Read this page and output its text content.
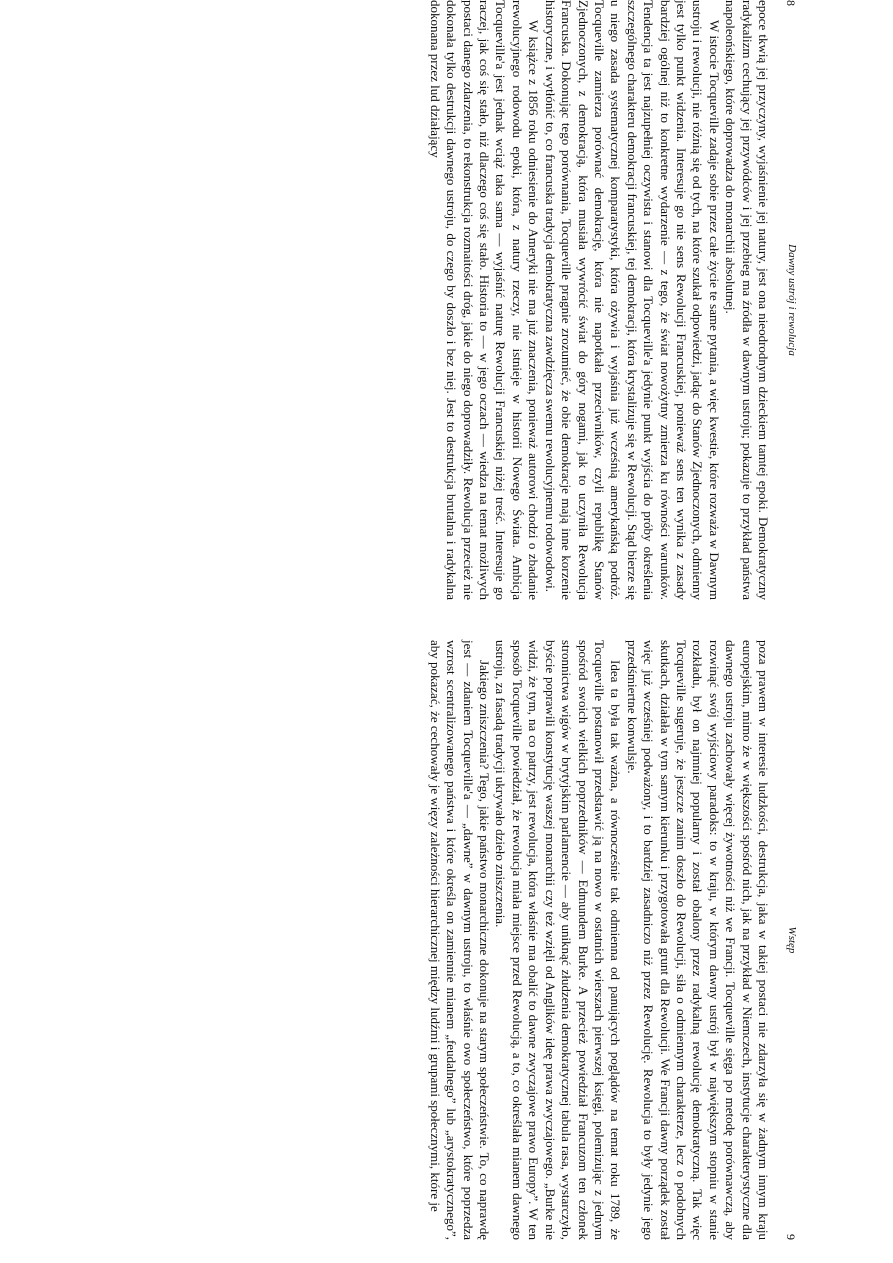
8
Dawny ustrój i rewolucja

epoce tkwią jej przyczyny, wyjaśnienie jej natury, jest ona nieodrodnym dzieckiem tamtej epoki. Demokratyczny radykalizm cechujący jej przywódców i jej przebieg ma źródła w dawnym ustroju; pokazuje to przykład państwa napoleońskiego, które doprowadza do monarchii absolutnej.

W istocie Tocqueville zadaje sobie przez całe życie te same pytania, a więc kwestie, które rozważa w Dawnym ustroju i rewolucji, nie różnią się od tych, na które szukał odpowiedzi, jadąc do Stanów Zjednoczonych, odmienny jest tylko punkt widzenia. Interesuje go nie sens Rewolucji Francuskiej, ponieważ sens ten wynika z zasady bardziej ogólnej niż to konkretne wydarzenie — z tego, że świat nowożytny zmierza ku równości warunków. Tendencja ta jest najzupełniej oczywista i stanowi dla Tocqueville'a jedynie punkt wyjścia do próby określenia szczególnego charakteru demokracji francuskiej, tej demokracji, która krystalizuje się w Rewolucji. Stąd bierze się u niego zasada systematycznej komparatystyki, która ożywia i wyjaśnia już wcześnią amerykańską podróż. Tocqueville zamierza porównać demokrację, która nie napotkała przeciwników, czyli republikę Stanów Zjednoczonych, z demokracją, która musiała wywrócić świat do góry nogami, jak to uczyniła Rewolucja Francuska. Dokonując tego porównania, Tocqueville pragnie zrozumieć, że obie demokracje mają inne korzenie historyczne, i wytłónić to, co francuska tradycja demokratyczna zawdzięcza swemu rewolucyjnemu rodowodowi.

W książce z 1856 roku odniesienie do Ameryki nie ma już znaczenia, ponieważ autorowi chodzi o zbadanie rewolucyjnego rodowodu epoki, która, z natury rzeczy, nie istnieje w historii Nowego Świata. Ambicja Tocqueville'a jest jednak wciąż taka sama — wyjaśnić naturę Rewolucji Francuskiej niżej treść. Interesuje go raczej, jak coś się stało, niż dlaczego coś się stało. Historia to — w jego oczach — wiedza na temat możliwych postaci danego zdarzenia, to rekonstrukcja rozmaitości dróg, jakie do niego doprowadziły. Rewolucja przecież nie dokonała tylko destrukcji dawnego ustroju, do czego by doszło i bez niej. Jest to destrukcja brutalna i radykalna dokonana przez lud działający

Wstęp
9

poza prawem w interesie ludzkości, destrukcja, jaka w takiej postaci nie zdarzyła się w żadnym innym kraju europejskim, mimo że w większości spośród nich, jak na przykład w Niemczech, instytucje charakterystyczne dla dawnego ustroju zachowały więcej żywotności niż we Francji. Tocqueville sięga po metodę porównawczą, aby rozwinąć swój wyjściowy paradoks: to w kraju, w którym dawny ustrój był w największym stopniu w stanie rozkładu, był on najmniej popularny i został obalony przez radykalną rewolucję demokratyczną. Tak więc Tocqueville sugeruje, że jeszcze zanim doszło do Rewolucji, siła o odmiennym charakterze, lecz o podobnych skutkach, działała w tym samym kierunku i przygotowała grunt dla Rewolucji. We Francji dawny porządek został więc już wcześniej podważony, i to bardziej zasadniczo niż przez Rewolucję. Rewolucja to były jedynie jego przedśmiertne konwulsje.

Idea ta była tak ważna, a równocześnie tak odmienna od panujących poglądów na temat roku 1789, że Tocqueville postanowił przedstawić ją na nowo w ostatnich wierszach pierwszej księgi, polemizując z jednym spośród swoich wielkich poprzedników — Edmundem Burke. A przecież powiedział Francuzom ten członek stronnictwa wigów w brytyjskim parlamencie — aby uniknąć złudzenia demokratycznej tabula rasa, wystarczyło, byście poprawili konstytucję waszej monarchii czy też wzięli od Anglików ideę prawa zwyczajowego. „Burke nie widzi, że tym, na co patrzy, jest rewolucja, która właśnie ma obalić to dawne zwyczajowe prawo Europy”. W ten sposób Tocqueville powiedział, że rewolucja miała miejsce przed Rewolucją, a to, co określała mianem dawnego ustroju, za fasadą tradycji ukrywało dzieło zniszczenia.

Jakiego zniszczenia? Tego, jakie państwo monarchiczne dokonuje na starym społeczeństwie. To, co naprawdę jest — zdaniem Tocqueville'a — „dawne” w dawnym ustroju, to właśnie owo społeczeństwo, które poprzedza wzrost scentralizowanego państwa i które określa on zamiennie mianem „feudalnego” lub „arystokratycznego”, aby pokazać, że cechowały je więzy zależności hierarchicznej między ludźmi i grupami społecznymi, które je
